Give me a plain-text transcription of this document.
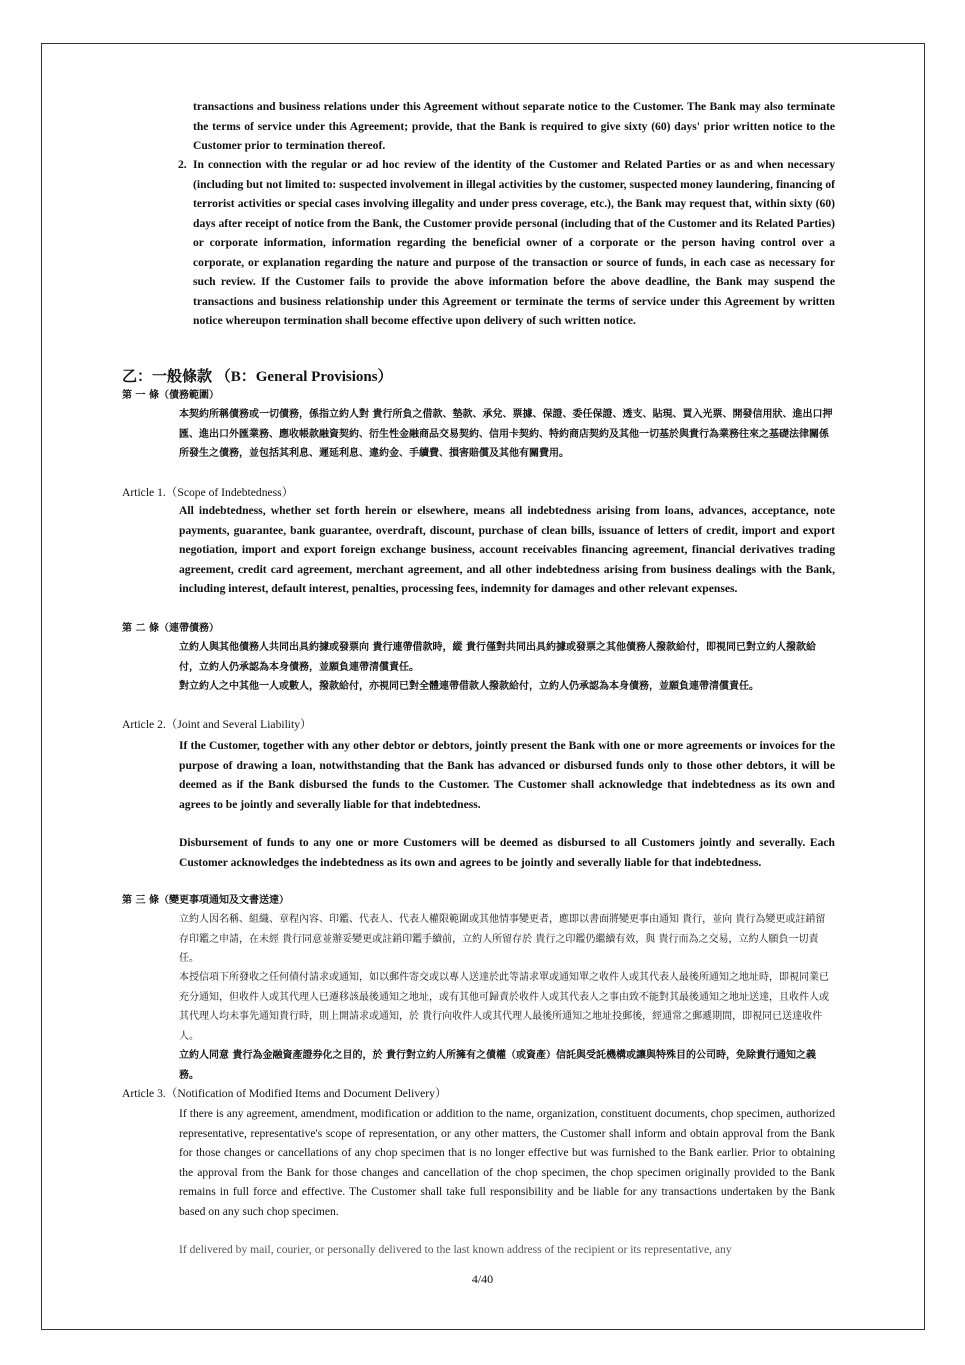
transactions and business relations under this Agreement without separate notice to the Customer. The Bank may also terminate the terms of service under this Agreement; provide, that the Bank is required to give sixty (60) days' prior written notice to the Customer prior to termination thereof.
2. In connection with the regular or ad hoc review of the identity of the Customer and Related Parties or as and when necessary (including but not limited to: suspected involvement in illegal activities by the customer, suspected money laundering, financing of terrorist activities or special cases involving illegality and under press coverage, etc.), the Bank may request that, within sixty (60) days after receipt of notice from the Bank, the Customer provide personal (including that of the Customer and its Related Parties) or corporate information, information regarding the beneficial owner of a corporate or the person having control over a corporate, or explanation regarding the nature and purpose of the transaction or source of funds, in each case as necessary for such review. If the Customer fails to provide the above information before the above deadline, the Bank may suspend the transactions and business relationship under this Agreement or terminate the terms of service under this Agreement by written notice whereupon termination shall become effective upon delivery of such written notice.
乙：一般條款 （B：General Provisions）
第 一 條（債務範圍）
本契約所稱債務或一切債務，係指立約人對 貴行所負之借款、墊款、承兌、票據、保證、委任保證、透支、貼現、買入光票、開發信用狀、進出口押匯、進出口外匯業務、應收帳款融資契約、衍生性金融商品交易契約、信用卡契約、特約商店契約及其他一切基於與貴行為業務往來之基礎法律關係所發生之債務，並包括其利息、遲延利息、違約金、手續費、損害賠償及其他有關費用。
Article 1.（Scope of Indebtedness）
All indebtedness, whether set forth herein or elsewhere, means all indebtedness arising from loans, advances, acceptance, note payments, guarantee, bank guarantee, overdraft, discount, purchase of clean bills, issuance of letters of credit, import and export negotiation, import and export foreign exchange business, account receivables financing agreement, financial derivatives trading agreement, credit card agreement, merchant agreement, and all other indebtedness arising from business dealings with the Bank, including interest, default interest, penalties, processing fees, indemnity for damages and other relevant expenses.
第 二 條（連帶債務）
立約人與其他債務人共同出具約據或發票向 貴行連帶借款時，縱 貴行僅對共同出具約據或發票之其他債務人撥款給付，即視同已對立約人撥款給付，立約人仍承認為本身債務，並願負連帶清償責任。
對立約人之中其他一人或數人，撥款給付，亦視同已對全體連帶借款人撥款給付，立約人仍承認為本身債務，並願負連帶清償責任。
Article 2.（Joint and Several Liability）
If the Customer, together with any other debtor or debtors, jointly present the Bank with one or more agreements or invoices for the purpose of drawing a loan, notwithstanding that the Bank has advanced or disbursed funds only to those other debtors, it will be deemed as if the Bank disbursed the funds to the Customer. The Customer shall acknowledge that indebtedness as its own and agrees to be jointly and severally liable for that indebtedness.
Disbursement of funds to any one or more Customers will be deemed as disbursed to all Customers jointly and severally. Each Customer acknowledges the indebtedness as its own and agrees to be jointly and severally liable for that indebtedness.
第 三 條（變更事項通知及文書送達）
立約人因名稱、組織、章程內容、印鑑、代表人、代表人權限範圍或其他情事變更者，應即以書面將變更事由通知 貴行，並向 貴行為變更或註銷留存印鑑之申請，在未經 貴行同意並辦妥變更或註銷印鑑手續前，立約人所留存於 貴行之印鑑仍繼續有效，與 貴行而為之交易，立約人願負一切責任。
本授信項下所發收之任何債付請求或通知，如以郵件寄交或以專人送達於此等請求單或通知單之收件人或其代表人最後所通知之地址時，即視同業已充分通知，但收件人或其代理人已遷移該最後通知之地址，或有其他可歸責於收件人或其代表人之事由致不能對其最後通知之地址送達，且收件人或其代理人均未事先通知貴行時，則上開請求或通知，於 貴行向收件人或其代理人最後所通知之地址投郵後，經通常之郵遞期間，即視同已送達收件人。
立約人同意 貴行為金融資產證券化之目的，於 貴行對立約人所擁有之債權（或資產）信託與受託機構或讓與特殊目的公司時，免除貴行通知之義務。
Article 3.（Notification of Modified Items and Document Delivery）
If there is any agreement, amendment, modification or addition to the name, organization, constituent documents, chop specimen, authorized representative, representative's scope of representation, or any other matters, the Customer shall inform and obtain approval from the Bank for those changes or cancellations of any chop specimen that is no longer effective but was furnished to the Bank earlier. Prior to obtaining the approval from the Bank for those changes and cancellation of the chop specimen, the chop specimen originally provided to the Bank remains in full force and effective. The Customer shall take full responsibility and be liable for any transactions undertaken by the Bank based on any such chop specimen.
If delivered by mail, courier, or personally delivered to the last known address of the recipient or its representative, any
4/40
